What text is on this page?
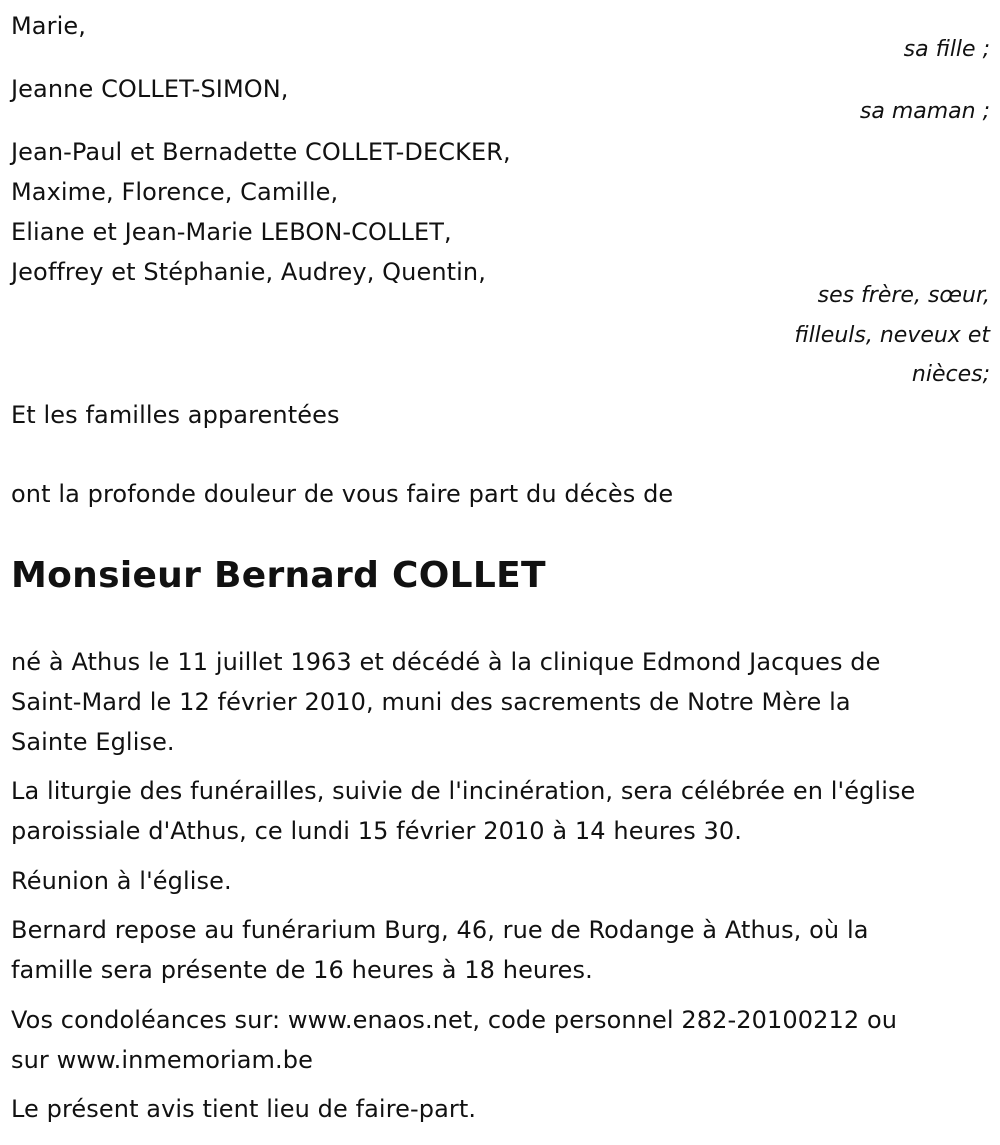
Marie,
sa fille ;
Jeanne COLLET-SIMON,
sa maman ;
Jean-Paul et Bernadette COLLET-DECKER,
Maxime, Florence, Camille,
Eliane et Jean-Marie LEBON-COLLET,
Jeoffrey et Stéphanie, Audrey, Quentin,
ses frère, sœur,
filleuls, neveux et
nièces;
Et les familles apparentées
ont la profonde douleur de vous faire part du décès de
Monsieur Bernard COLLET
né à Athus le 11 juillet 1963 et décédé à la clinique Edmond Jacques de
Saint-Mard le 12 février 2010, muni des sacrements de Notre Mère la
Sainte Eglise.
La liturgie des funérailles, suivie de l'incinération, sera célébrée en l'église
paroissiale d'Athus, ce lundi 15 février 2010 à 14 heures 30.
Réunion à l'église.
Bernard repose au funérarium Burg, 46, rue de Rodange à Athus, où la
famille sera présente de 16 heures à 18 heures.
Vos condoléances sur: www.enaos.net, code personnel 282-20100212 ou
sur www.inmemoriam.be
Le présent avis tient lieu de faire-part.
